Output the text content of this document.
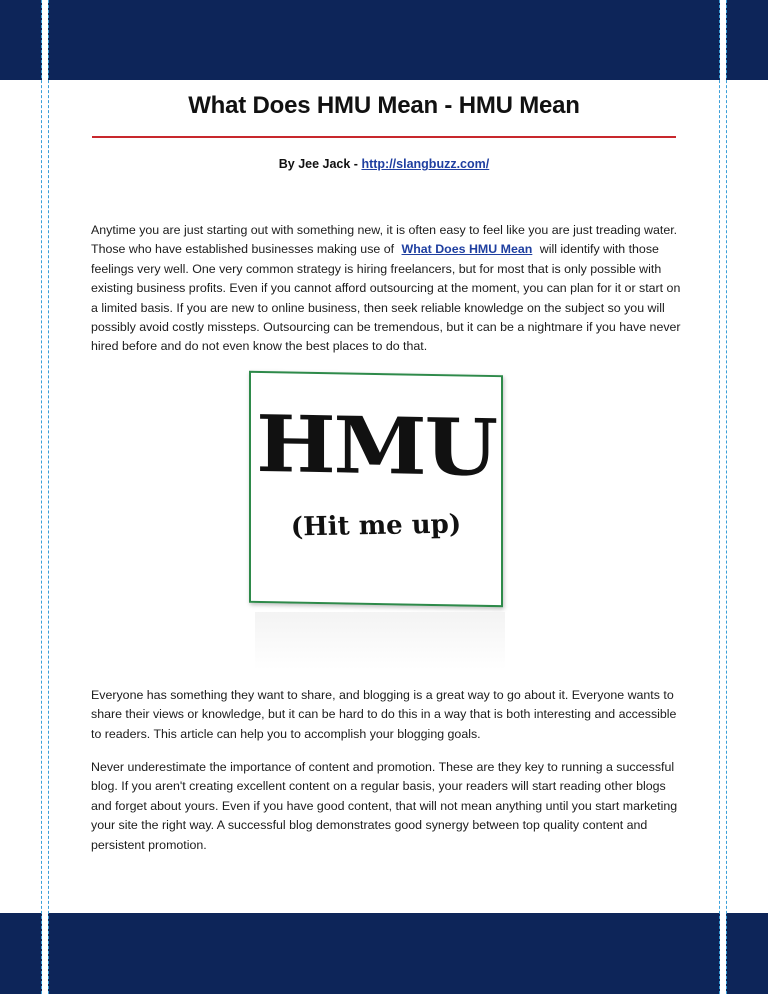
What Does HMU Mean - HMU Mean
By Jee Jack - http://slangbuzz.com/

Anytime you are just starting out with something new, it is often easy to feel like you are just treading water. Those who have established businesses making use of What Does HMU Mean will identify with those feelings very well. One very common strategy is hiring freelancers, but for most that is only possible with existing business profits. Even if you cannot afford outsourcing at the moment, you can plan for it or start on a limited basis. If you are new to online business, then seek reliable knowledge on the subject so you will possibly avoid costly missteps. Outsourcing can be tremendous, but it can be a nightmare if you have never hired before and do not even know the best places to do that.

HMU
(Hit me up)

Everyone has something they want to share, and blogging is a great way to go about it. Everyone wants to share their views or knowledge, but it can be hard to do this in a way that is both interesting and accessible to readers. This article can help you to accomplish your blogging goals.

Never underestimate the importance of content and promotion. These are they key to running a successful blog. If you aren't creating excellent content on a regular basis, your readers will start reading other blogs and forget about yours. Even if you have good content, that will not mean anything until you start marketing your site the right way. A successful blog demonstrates good synergy between top quality content and persistent promotion.
